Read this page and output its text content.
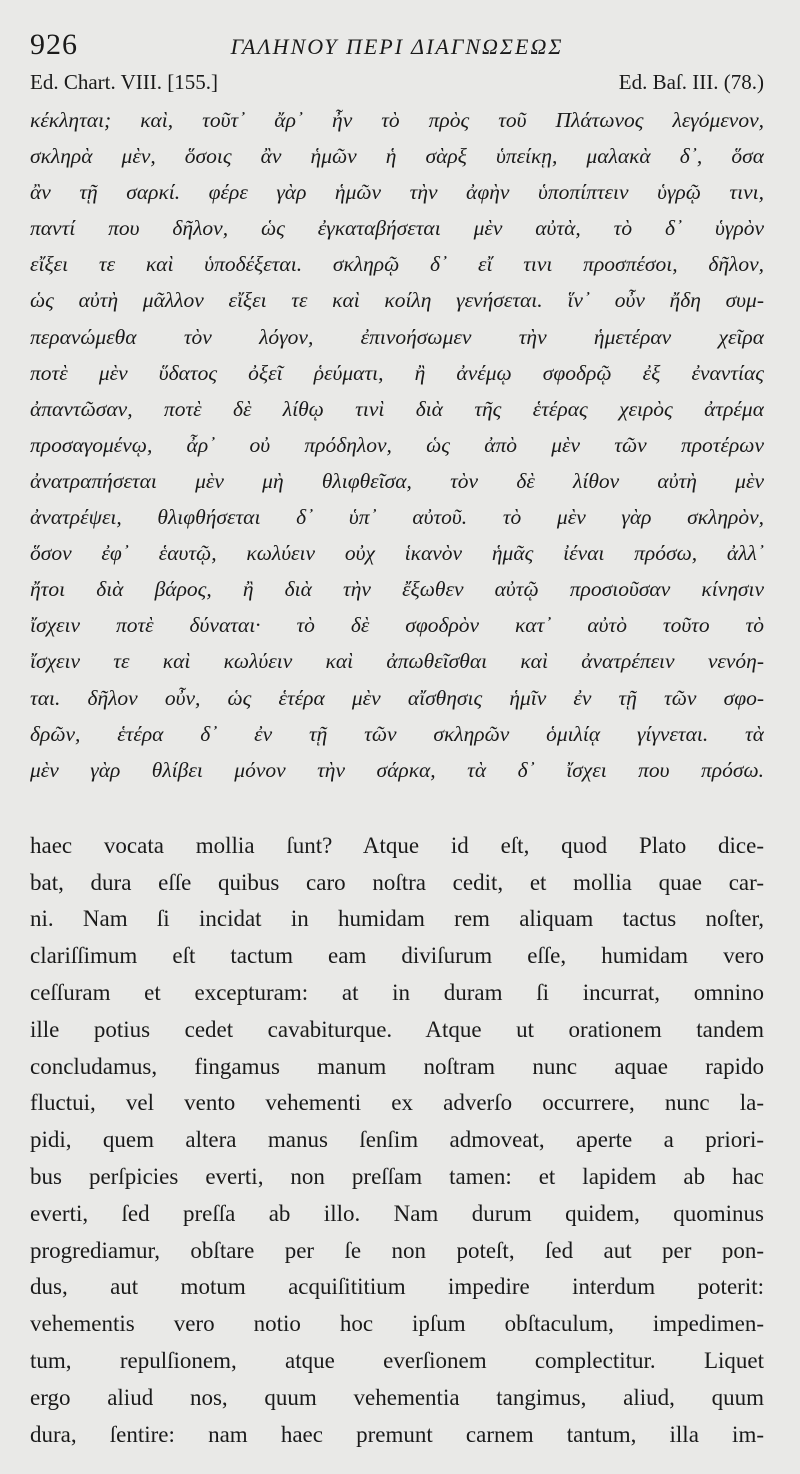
926	ΓΑΛΗΝΟΥ ΠΕΡΙ ΔΙΑΓΝΩΣΕΩΣ
Ed. Chart. VIII. [155.]	Ed. Baſ. III. (78.)
κέκληται; καὶ, τοῦτ᾽ ἄρ᾽ ἦν τὸ πρὸς τοῦ Πλάτωνος λεγόμενον,
σκληρὰ μὲν, ὅσοις ἂν ἡμῶν ἡ σὰρξ ὑπείκῃ, μαλακὰ δ᾽, ὅσα
ἂν τῇ σαρκί. φέρε γὰρ ἡμῶν τὴν ἀφὴν ὑποπίπτειν ὑγρῷ τινι,
παντί που δῆλον, ὡς ἐγκαταβήσεται μὲν αὐτὰ, τὸ δ᾽ ὑγρὸν
εἴξει τε καὶ ὑποδέξεται. σκληρῷ δ᾽ εἴ τινι προσπέσοι, δῆλον,
ὡς αὐτὴ μᾶλλον εἴξει τε καὶ κοίλη γενήσεται. ἵν᾽ οὖν ἤδη συμ-
περανώμεθα τὸν λόγον, ἐπινοήσωμεν τὴν ἡμετέραν χεῖρα
ποτὲ μὲν ὕδατος ὀξεῖ ῥεύματι, ἢ ἀνέμῳ σφοδρῷ ἐξ ἐναντίας
ἀπαντῶσαν, ποτὲ δὲ λίθῳ τινὶ διὰ τῆς ἑτέρας χειρὸς ἀτρέμα
προσαγομένῳ, ἆρ᾽ οὐ πρόδηλον, ὡς ἀπὸ μὲν τῶν προτέρων
ἀνατραπήσεται μὲν μὴ θλιφθεῖσα, τὸν δὲ λίθον αὐτὴ μὲν
ἀνατρέψει, θλιφθήσεται δ᾽ ὑπ᾽ αὐτοῦ. τὸ μὲν γὰρ σκληρὸν,
ὅσον ἐφ᾽ ἑαυτῷ, κωλύειν οὐχ ἱκανὸν ἡμᾶς ἰέναι πρόσω, ἀλλ᾽
ἤτοι διὰ βάρος, ἢ διὰ τὴν ἔξωθεν αὐτῷ προσιοῦσαν κίνησιν
ἴσχειν ποτὲ δύναται· τὸ δὲ σφοδρὸν κατ᾽ αὐτὸ τοῦτο τὸ
ἴσχειν τε καὶ κωλύειν καὶ ἀπωθεῖσθαι καὶ ἀνατρέπειν νενόη-
ται. δῆλον οὖν, ὡς ἑτέρα μὲν αἴσθησις ἡμῖν ἐν τῇ τῶν σφο-
δρῶν, ἑτέρα δ᾽ ἐν τῇ τῶν σκληρῶν ὁμιλίᾳ γίγνεται. τὰ
μὲν γὰρ θλίβει μόνον τὴν σάρκα, τὰ δ᾽ ἴσχει που πρόσω.
haec vocata mollia ſunt? Atque id eſt, quod Plato dice-
bat, dura eſſe quibus caro noſtra cedit, et mollia quae car-
ni. Nam ſi incidat in humidam rem aliquam tactus noſter,
clariſſimum eſt tactum eam diviſurum eſſe, humidam vero
ceſſuram et excepturam: at in duram ſi incurrat, omnino
ille potius cedet cavabiturque. Atque ut orationem tandem
concludamus, fingamus manum noſtram nunc aquae rapido
fluctui, vel vento vehementi ex adverſo occurrere, nunc la-
pidi, quem altera manus ſenſim admoveat, aperte a priori-
bus perſpicies everti, non preſſam tamen: et lapidem ab hac
everti, ſed preſſa ab illo. Nam durum quidem, quominus
progrediamur, obſtare per ſe non poteſt, ſed aut per pon-
dus, aut motum acquiſititium impedire interdum poterit:
vehementis vero notio hoc ipſum obſtaculum, impedimen-
tum, repulſionem, atque everſionem complectitur. Liquet
ergo aliud nos, quum vehementia tangimus, aliud, quum
dura, ſentire: nam haec premunt carnem tantum, illa im-
